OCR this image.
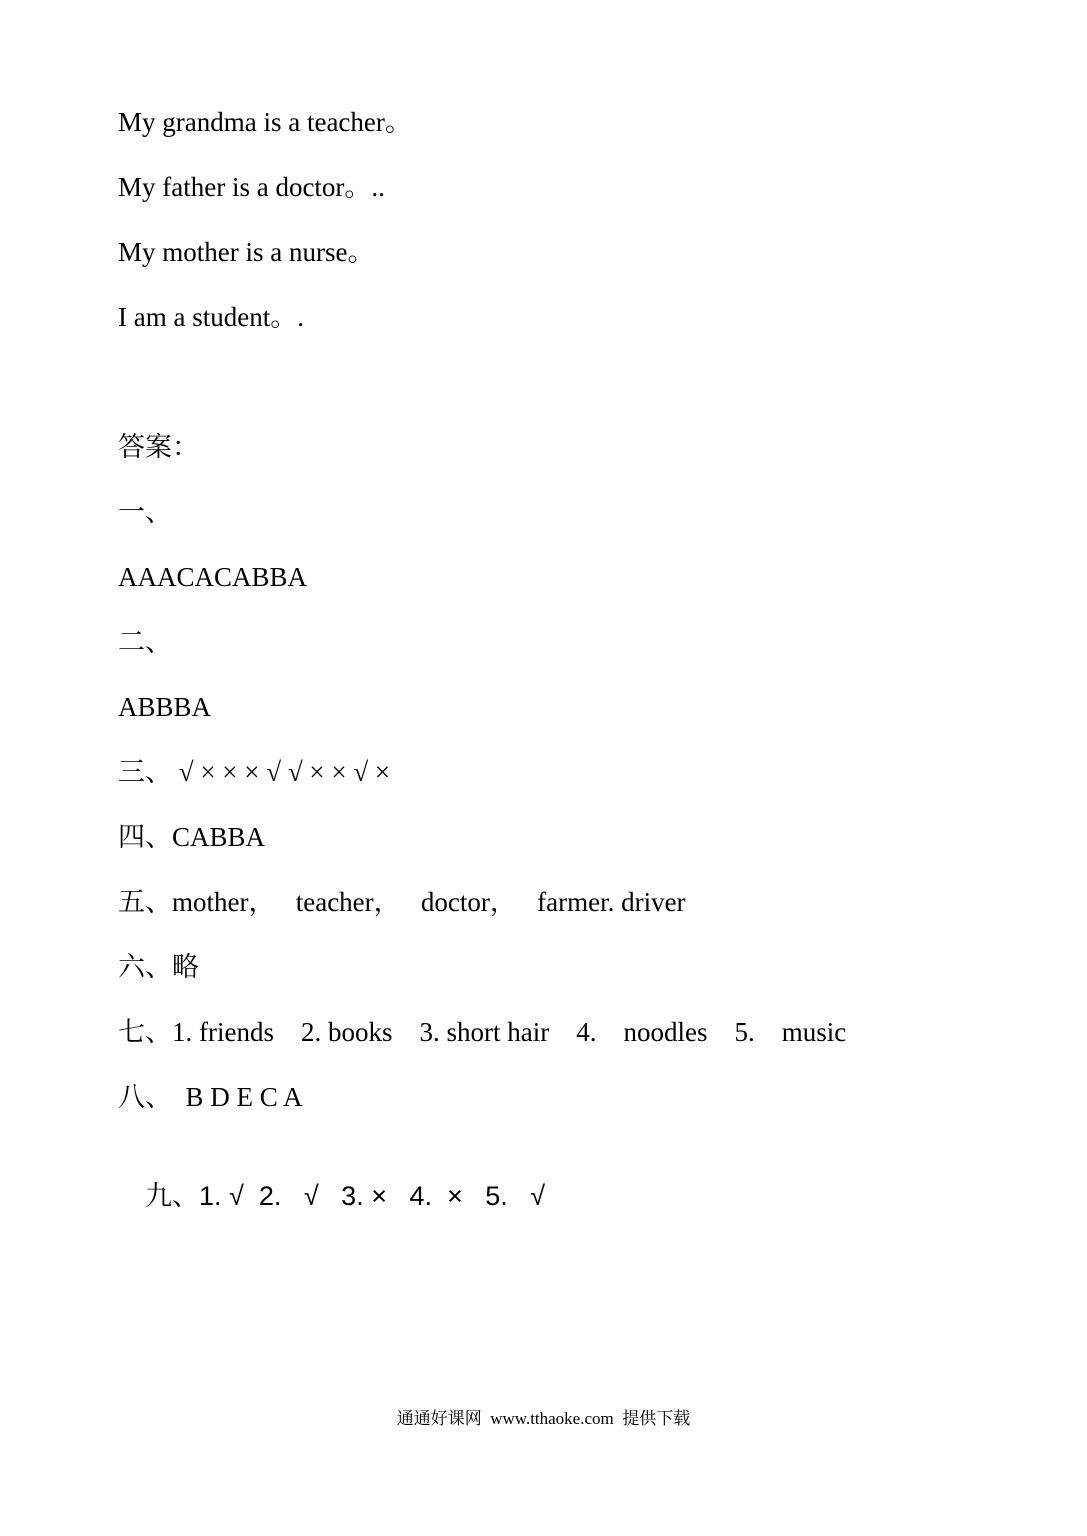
My grandma is a teacher。
My father is a doctor。..
My mother is a nurse。
I am a student。.
答案：
一、
AAACACABBA
二、
ABBBA
三、 √ × × × √ √ × × √ ×
四、CABBA
五、mother，   teacher，   doctor，   farmer. driver
六、略
七、1. friends    2. books    3. short hair    4.    noodles    5.    music
八、  B D E C A

九、1. √  2.   √   3. ×   4.  ×   5.   √

通通好课网  www.tthaoke.com  提供下载
